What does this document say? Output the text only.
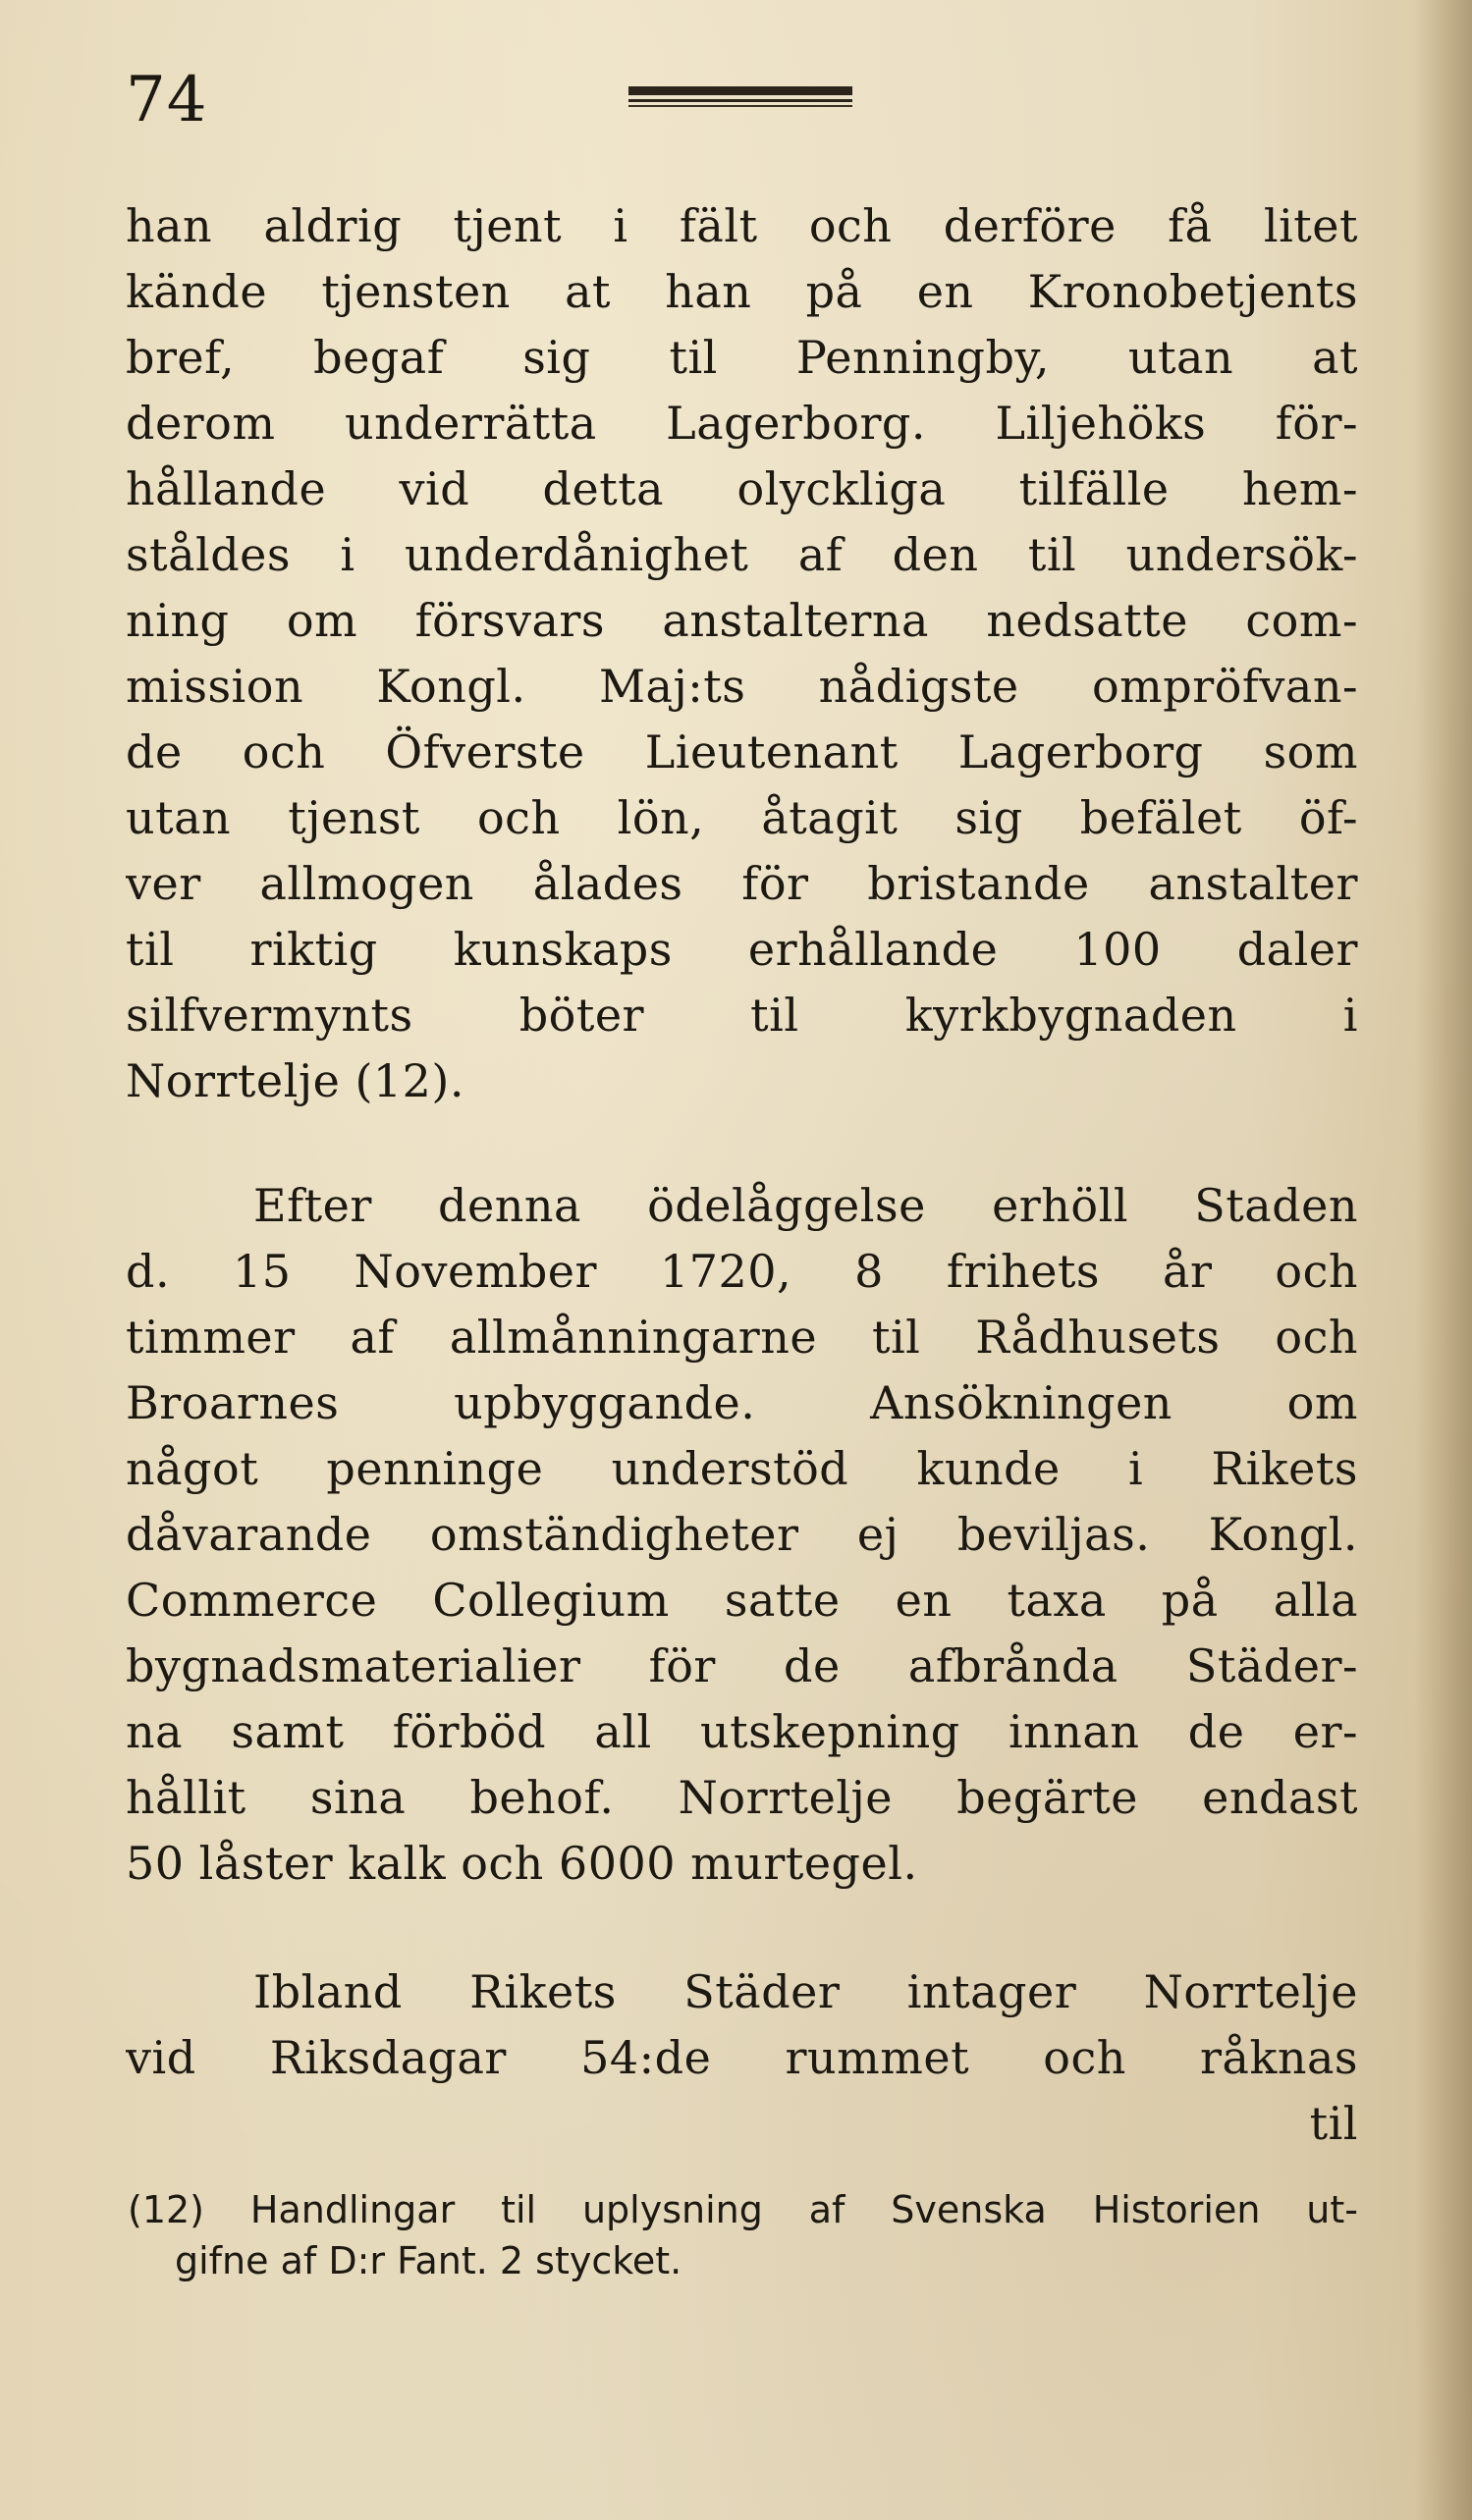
74
han aldrig tjent i fält och derföre få litet
kände tjensten at han på en Kronobetjents
bref, begaf sig til Penningby, utan at
derom underrätta Lagerborg. Liljehöks för-
hållande vid detta olyckliga tilfälle hem-
ståldes i underdånighet af den til undersök-
ning om försvars anstalterna nedsatte com-
mission Kongl. Maj:ts nådigste ompröfvan-
de och Öfverste Lieutenant Lagerborg som
utan tjenst och lön, åtagit sig befälet öf-
ver allmogen ålades för bristande anstalter
til riktig kunskaps erhållande 100 daler
silfvermynts böter til kyrkbygnaden i
Norrtelje (12).
Efter denna ödelåggelse erhöll Staden
d. 15 November 1720, 8 frihets år och
timmer af allmånningarne til Rådhusets och
Broarnes upbyggande. Ansökningen om
något penninge understöd kunde i Rikets
dåvarande omständigheter ej beviljas. Kongl.
Commerce Collegium satte en taxa på alla
bygnadsmaterialier för de afbrånda Städer-
na samt förböd all utskepning innan de er-
hållit sina behof. Norrtelje begärte endast
50 låster kalk och 6000 murtegel.
Ibland Rikets Städer intager Norrtelje
vid Riksdagar 54:de rummet och råknas
til
(12) Handlingar til uplysning af Svenska Historien ut-
gifne af D:r Fant. 2 stycket.
